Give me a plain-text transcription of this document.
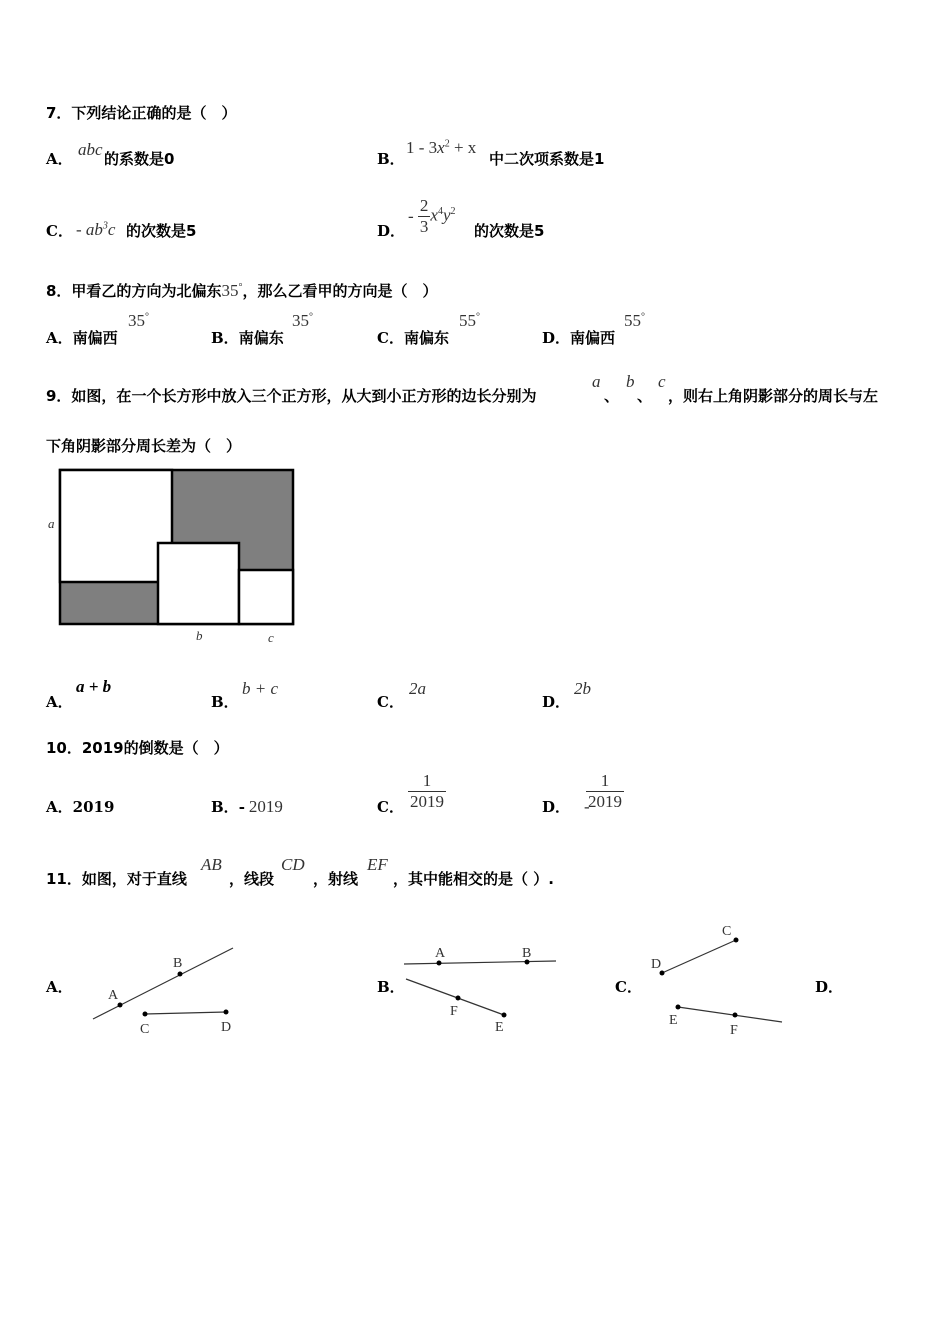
7．下列结论正确的是（　）
A． abc 的系数是0	B．
$1 - 3x^2 + x$
中二次项系数是1
C． - $ab^3c$ 的次数是5	D．
- $\frac{2}{3} x^4y^2$
的次数是5
8．甲看乙的方向为北偏东35°，那么乙看甲的方向是（　）
A．南偏西
35°
B．南偏东
35°
C．南偏东
55°
D．南偏西
55°
9．如图，在一个长方形中放入三个正方形，从大到小正方形的边长分别为
a
、
b
、
c
，则右上角阴影部分的周长与左
下角阴影部分周长差为（　）
a
b	c
A．
a + b
B．
b + c
C．
2a
D．
2b
10．2019的倒数是（　）
A．2019	B．- 2019	C． $\frac{1}{2019}$	D． -
$\frac{1}{2019}$
11．如图，对于直线
AB
，线段
CD
，射线
EF
，其中能相交的是（ ）.
A．	A
B
C	D
B．
A	B
F
E
C．
C
D
E
F
D．
